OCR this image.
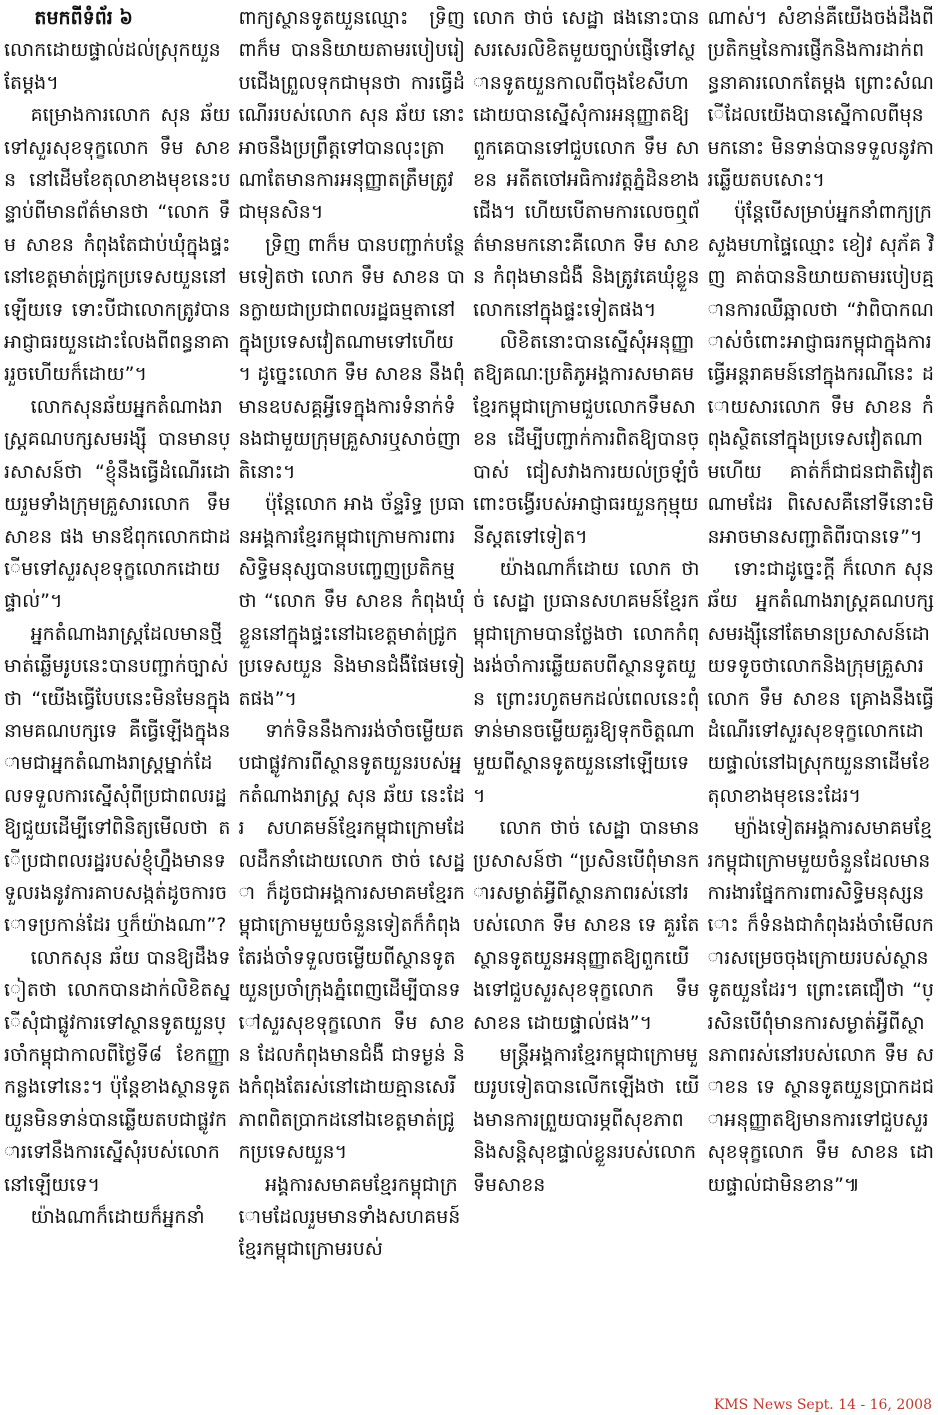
តមកពីទំព័រ ៦

លោកដោយផ្ទាល់ដល់ស្រុកយួនតែម្តង។

គម្រោងការលោក សុន ឆ័យ ទៅសួរសុខទុក្ខលោក ទឹម សាខន នៅដើមខែតុលាខាងមុខនេះបន្ទាប់ពីមានព័ត៌មានថា “លោក ទឹម សាខន កំពុងតែជាប់ឃុំក្នុងផ្ទះនៅខេត្តមាត់ជ្រូកប្រទេសយួននៅឡើយទេ ទោះបីជាលោកត្រូវបានអាជ្ញាធរយួនដោះលែងពីពន្ធនាគាររួចហើយក៏ដោយ”។

លោកសុនឆ័យអ្នកតំណាងរាស្ត្រគណបក្សសមរង្ស៊ី បានមានប្រសាសន៍ថា “ខ្ញុំនឹងធ្វើដំណើរដោយរួមទាំងក្រុមគ្រួសារលោក ទឹម សាខន ផង មានឪពុកលោកជាដើមទៅសួរសុខទុក្ខលោកដោយផ្ទាល់”។

អ្នកតំណាងរាស្ត្រដែលមានថ្មីមាត់ឆ្លើមរូបនេះបានបញ្ជាក់ច្បាស់ថា “យើងធ្វើបែបនេះមិនមែនក្នុងនាមគណបក្សទេ គឺធ្វើឡើងក្នុងនាមជាអ្នកតំណាងរាស្ត្រម្នាក់ដែលទទួលការស្នើសុំពីប្រជាពលរដ្ឋឱ្យជួយដើម្បីទៅពិនិត្យមើលថា តើប្រជាពលរដ្ឋរបស់ខ្ញុំហ្នឹងមានទទួលរងនូវការគាបសង្កត់ដូចការចោទប្រកាន់ដែរ ឬក៏យ៉ាងណា”?

លោកសុន ឆ័យ បានឱ្យដឹងទៀតថា លោកបានដាក់លិខិតស្នើសុំជាផ្លូវការទៅស្ថានទូតយួនប្រចាំកម្ពុជាកាលពីថ្ងៃទី៨ ខែកញ្ញា កន្លងទៅនេះ។ ប៉ុន្តែខាងស្ថានទូតយួនមិនទាន់បានឆ្លើយតបជាផ្លូវការទៅនឹងការស្នើសុំរបស់លោកនៅឡើយទេ។

យ៉ាងណាក៏ដោយក៏អ្នកនាំ

ពាក្យស្ថានទូតយួនឈ្មោះ ទ្រិញ ពាក៏ម បាននិយាយតាមរបៀបរៀបជើងព្រួលទុកជាមុនថា ការធ្វើដំណើររបស់លោក សុន ឆ័យ នោះអាចនឹងប្រព្រឹត្តទៅបានលុះត្រាណាតែមានការអនុញ្ញាតត្រឹមត្រូវជាមុនសិន។

ទ្រិញ ពាក៏ម បានបញ្ជាក់បន្ថែមទៀតថា លោក ទឹម សាខន បានក្លាយជាប្រជាពលរដ្ឋធម្មតានៅក្នុងប្រទេសវៀតណាមទៅហើយ។ ដូច្នេះលោក ទឹម សាខន នឹងពុំមានឧបសគ្គអ្វីទេក្នុងការទំនាក់ទំនងជាមួយក្រុមគ្រួសារឬសាច់ញាតិនោះ។

ប៉ុន្តែលោក អាង ច័ន្ទរិទ្ធ ប្រធានអង្គការខ្មែរកម្ពុជាក្រោមការពារសិទ្ធិមនុស្សបានបញ្ចេញប្រតិកម្មថា “លោក ទឹម សាខន កំពុងឃុំខ្លួននៅក្នុងផ្ទះនៅឯខេត្តមាត់ជ្រូកប្រទេសយួន និងមានជំងឺផែមទៀតផង”។

ទាក់ទិននឹងការរង់ចាំចម្លើយតបជាផ្លូវការពីស្ថានទូតយួនរបស់អ្នកតំណាងរាស្ត្រ សុន ឆ័យ នេះដែរ សហគមន៍ខ្មែរកម្ពុជាក្រោមដែលដឹកនាំដោយលោក ថាច់ សេដ្ឋា ក៏ដូចជាអង្គការសមាគមខ្មែរកម្ពុជាក្រោមមួយចំនួនទៀតក៏កំពុងតែរង់ចាំទទួលចម្លើយពីស្ថានទូតយួនប្រចាំក្រុងភ្នំពេញដើម្បីបានទៅសួរសុខទុក្ខលោក ទឹម សាខន ដែលកំពុងមានជំងឺ ជាទម្ងន់ និងកំពុងតែរស់នៅដោយគ្មានសេរីភាពពិតប្រាកដនៅឯខេត្តមាត់ជ្រូកប្រទេសយួន។

អង្គការសមាគមខ្មែរកម្ពុជាក្រោមដែលរួមមានទាំងសហគមន៍ខ្មែរកម្ពុជាក្រោមរបស់

លោក ថាច់ សេដ្ឋា ផងនោះបានសរសេរលិខិតមួយច្បាប់ផ្ញើទៅស្ថានទូតយួនកាលពីចុងខែសីហា ដោយបានស្នើសុំការអនុញ្ញាតឱ្យពួកគេបានទៅជួបលោក ទឹម សាខន អតីតចៅអធិការវត្តភ្នំដិនខាងជើង។ ហើយបើតាមការលេចឮព័ត៌មានមកនោះគឺលោក ទឹម សាខន កំពុងមានជំងឺ និងត្រូវគេឃុំខ្លួនលោកនៅក្នុងផ្ទះទៀតផង។

លិខិតនោះបានស្នើសុំអនុញ្ញាតឱ្យគណៈប្រតិភូអង្គការសមាគមខ្មែរកម្ពុជាក្រោមជួបលោកទឹមសាខន ដើម្បីបញ្ជាក់ការពិតឱ្យបានច្បាស់ ជៀសវាងការយល់ច្រឡំចំពោះចង្វើរបស់អាជ្ញាធរយួនកុម្មុយនីស្តតទៅទៀត។

យ៉ាងណាក៏ដោយ លោក ថាច់ សេដ្ឋា ប្រធានសហគមន៍ខ្មែរកម្ពុជាក្រោមបានថ្លែងថា លោកកំពុងរង់ចាំការឆ្លើយតបពីស្ថានទូតយួន ព្រោះរហូតមកដល់ពេលនេះពុំទាន់មានចម្លើយគួរឱ្យទុកចិត្តណាមួយពីស្ថានទូតយួននៅឡើយទេ។

លោក ថាច់ សេដ្ឋា បានមានប្រសាសន៍ថា “ប្រសិនបើពុំមានការសម្ងាត់អ្វីពីស្ថានភាពរស់នៅរបស់លោក ទឹម សាខន ទេ គួរតែស្ថានទូតយួនអនុញ្ញាតឱ្យពួកយើងទៅជួបសួរសុខទុក្ខលោក ទឹម សាខន ដោយផ្ទាល់ផង”។

មន្ត្រីអង្គការខ្មែរកម្ពុជាក្រោមមួយរូបទៀតបានលើកឡើងថា យើងមានការព្រួយបារម្ភពីសុខភាព និងសន្តិសុខផ្ទាល់ខ្លួនរបស់លោកទឹមសាខន

ណាស់។ សំខាន់គឺយើងចង់ដឹងពីប្រតិកម្មនៃការផ្ញើកនិងការដាក់ពន្ធនាគារលោកតែម្តង ព្រោះសំណើដែលយើងបានស្នើកាលពីមុនមកនោះ មិនទាន់បានទទួលនូវការឆ្លើយតបសោះ។

ប៉ុន្តែបើសម្រាប់អ្នកនាំពាក្យក្រសួងមហាផ្ទៃឈ្មោះ ខៀវ សុភ័គ វិញ គាត់បាននិយាយតាមរបៀបគ្មានការឈឺឆ្អាលថា “វាពិបាកណាស់ចំពោះអាជ្ញាធរកម្ពុជាក្នុងការធ្វើអន្តរាគមន៍នៅក្នុងករណីនេះ ដោយសារលោក ទឹម សាខន កំពុងស្ថិតនៅក្នុងប្រទេសវៀតណាមហើយ គាត់ក៏ជាជនជាតិវៀតណាមដែរ ពិសេសគឺនៅទីនោះមិនអាចមានសញ្ជាតិពីរបានទេ”។

ទោះជាដូច្នេះក្តី ក៏លោក សុន ឆ័យ អ្នកតំណាងរាស្ត្រគណបក្សសមរង្ស៊ីនៅតែមានប្រសាសន៍ដោយទទូចថាលោកនិងក្រុមគ្រួសារលោក ទឹម សាខន គ្រោងនឹងធ្វើដំណើរទៅសួរសុខទុក្ខលោកដោយផ្ទាល់នៅឯស្រុកយួននាដើមខែតុលាខាងមុខនេះដែរ។

ម្យ៉ាងទៀតអង្គការសមាគមខ្មែរកម្ពុជាក្រោមមួយចំនួនដែលមានការងារផ្នែកការពារសិទ្ធិមនុស្សនោះ ក៏ទំនងជាកំពុងរង់ចាំមើលការសម្រេចចុងក្រោយរបស់ស្ថានទូតយួនដែរ។ ព្រោះគេជឿថា “ប្រសិនបើពុំមានការសម្ងាត់អ្វីពីស្ថានភាពរស់នៅរបស់លោក ទឹម សាខន ទេ ស្ថានទូតយួនប្រាកដជាអនុញ្ញាតឱ្យមានការទៅជួបសួរសុខទុក្ខលោក ទឹម សាខន ដោយផ្ទាល់ជាមិនខាន”៕

KMS News Sept. 14 - 16, 2008
